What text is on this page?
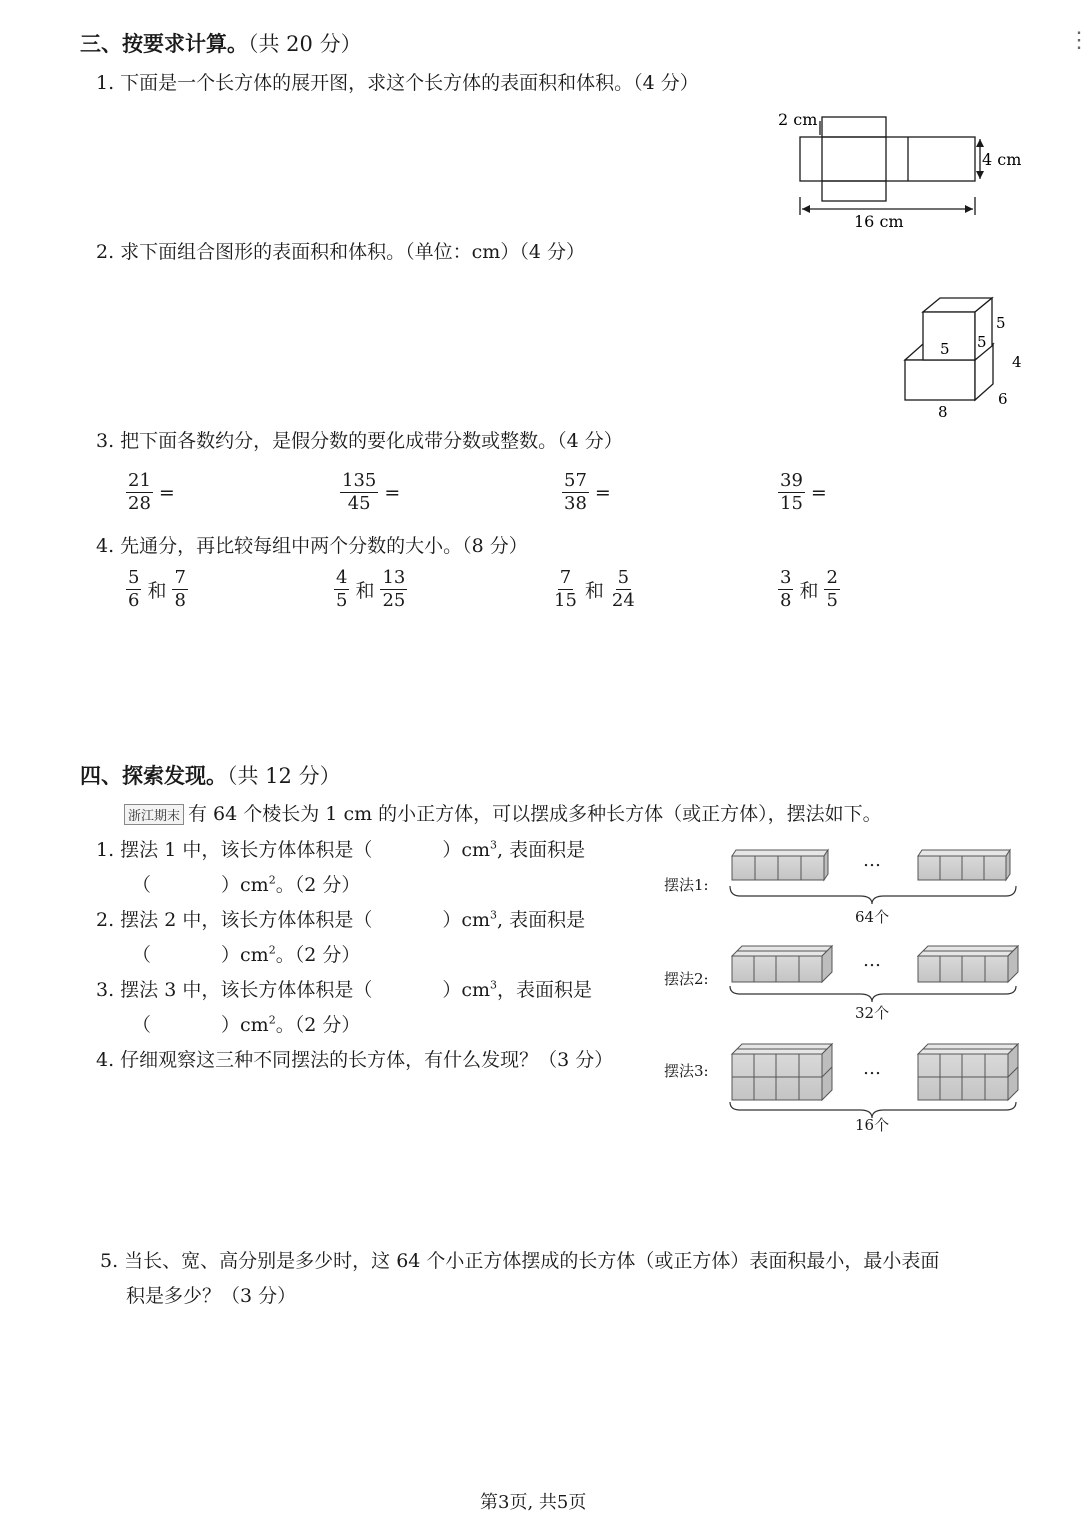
三、按要求计算。（共 20 分）	⋮
1. 下面是一个长方体的展开图，求这个长方体的表面积和体积。（4 分）
2 cm
4 cm
16 cm
2. 求下面组合图形的表面积和体积。（单位：cm）（4 分）
5 5
5
4
6
8
3. 把下面各数约分，是假分数的要化成带分数或整数。（4 分）
$\frac{21}{28}$ =	$\frac{135}{45}$ =	$\frac{57}{38}$ =	$\frac{39}{15}$ =
4. 先通分，再比较每组中两个分数的大小。（8 分）
$\frac{5}{6}$ 和 $\frac{7}{8}$	$\frac{4}{5}$ 和 $\frac{13}{25}$	$\frac{7}{15}$ 和 $\frac{5}{24}$	$\frac{3}{8}$ 和 $\frac{2}{5}$
四、探索发现。（共 12 分）
浙江期末 有 64 个棱长为 1 cm 的小正方体，可以摆成多种长方体（或正方体），摆法如下。
1. 摆法 1 中，该长方体体积是（	）$cm^3$, 表面积是
（	）$cm^2$。（2 分）
2. 摆法 2 中，该长方体体积是（	）$cm^3$, 表面积是
（	）$cm^2$。（2 分）
3. 摆法 3 中，该长方体体积是（	）$cm^3$，表面积是
（	）$cm^2$。（2 分）
4. 仔细观察这三种不同摆法的长方体，有什么发现？（3 分）
摆法1:
摆法2:
摆法3:
64个
32个
16个
…
…
…
5. 当长、宽、高分别是多少时，这 64 个小正方体摆成的长方体（或正方体）表面积最小，最小表面
积是多少？（3 分）
第3页, 共5页
